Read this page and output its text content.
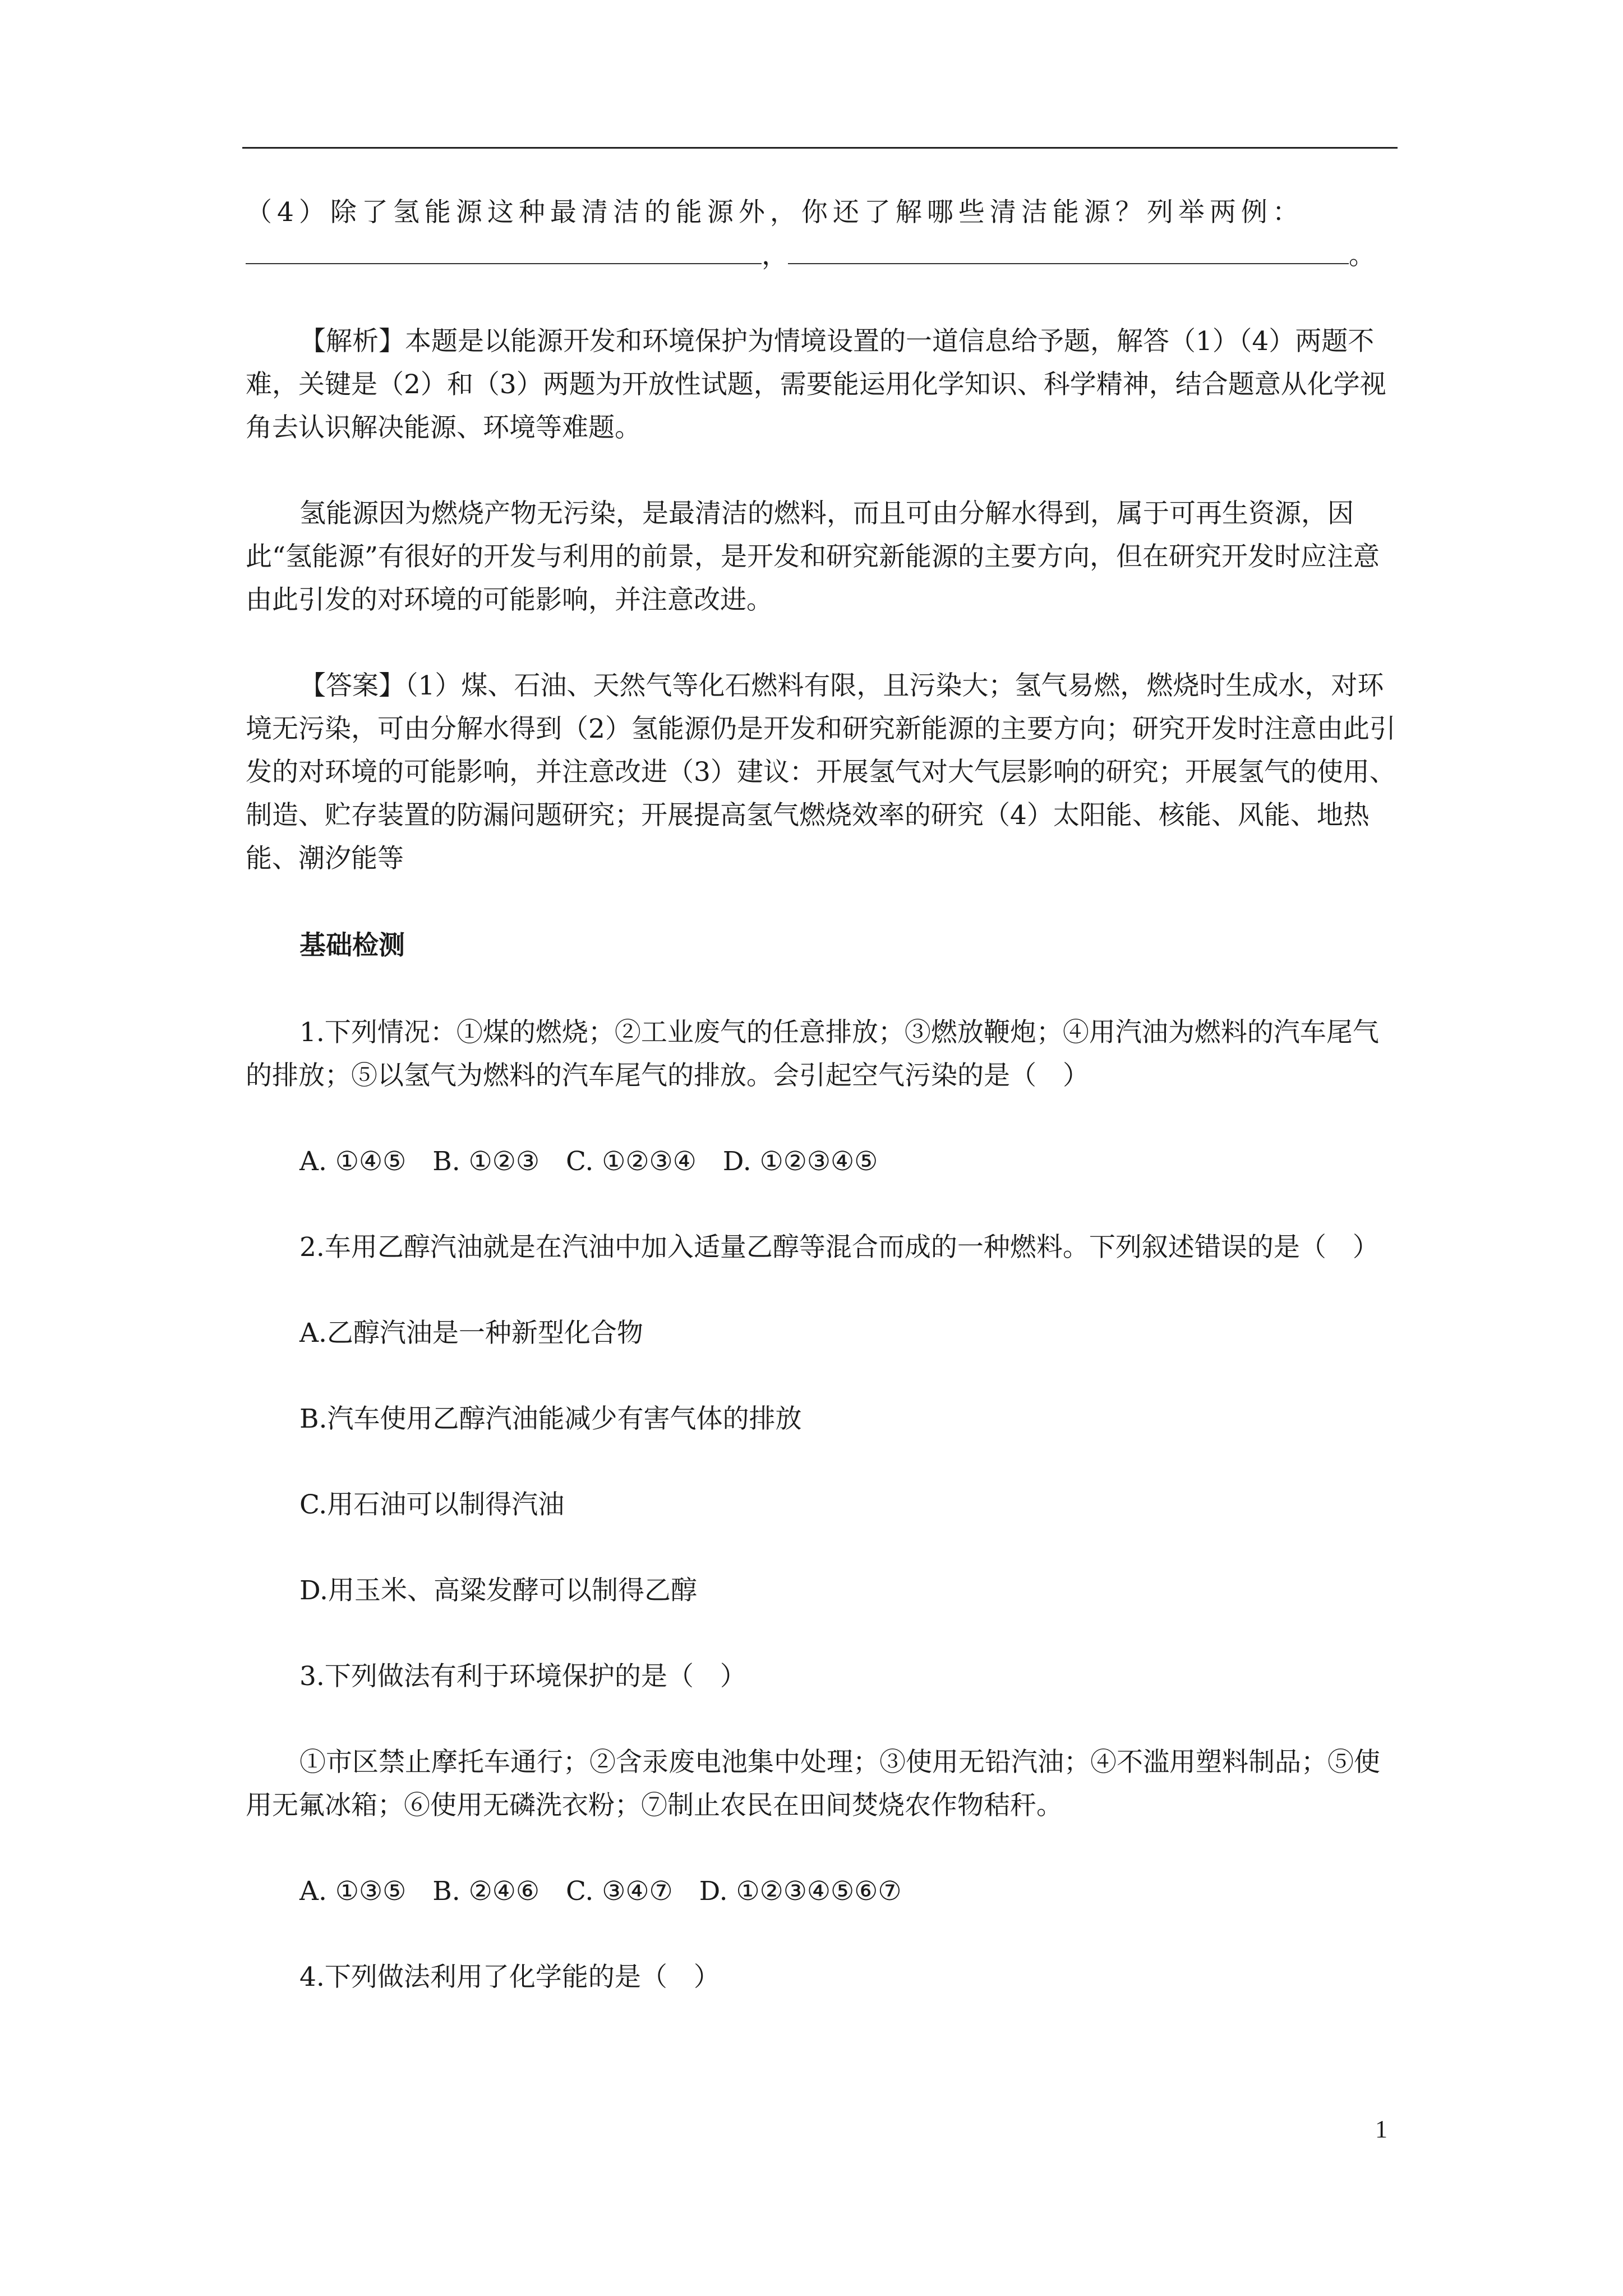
（4）除了氢能源这种最清洁的能源外，你还了解哪些清洁能源？列举两例：

，	。

【解析】本题是以能源开发和环境保护为情境设置的一道信息给予题，解答（1）（4）两题不难，关键是（2）和（3）两题为开放性试题，需要能运用化学知识、科学精神，结合题意从化学视角去认识解决能源、环境等难题。

氢能源因为燃烧产物无污染，是最清洁的燃料，而且可由分解水得到，属于可再生资源，因此“氢能源”有很好的开发与利用的前景，是开发和研究新能源的主要方向，但在研究开发时应注意由此引发的对环境的可能影响，并注意改进。

【答案】（1）煤、石油、天然气等化石燃料有限，且污染大；氢气易燃，燃烧时生成水，对环境无污染，可由分解水得到（2）氢能源仍是开发和研究新能源的主要方向；研究开发时注意由此引发的对环境的可能影响，并注意改进（3）建议：开展氢气对大气层影响的研究；开展氢气的使用、制造、贮存装置的防漏问题研究；开展提高氢气燃烧效率的研究（4）太阳能、核能、风能、地热能、潮汐能等

基础检测

1.下列情况：①煤的燃烧；②工业废气的任意排放；③燃放鞭炮；④用汽油为燃料的汽车尾气的排放；⑤以氢气为燃料的汽车尾气的排放。会引起空气污染的是（　）

A. ①④⑤　B. ①②③　C. ①②③④　D. ①②③④⑤

2.车用乙醇汽油就是在汽油中加入适量乙醇等混合而成的一种燃料。下列叙述错误的是（　）

A.乙醇汽油是一种新型化合物

B.汽车使用乙醇汽油能减少有害气体的排放

C.用石油可以制得汽油

D.用玉米、高粱发酵可以制得乙醇

3.下列做法有利于环境保护的是（　）

①市区禁止摩托车通行；②含汞废电池集中处理；③使用无铅汽油；④不滥用塑料制品；⑤使用无氟冰箱；⑥使用无磷洗衣粉；⑦制止农民在田间焚烧农作物秸秆。

A. ①③⑤　B. ②④⑥　C. ③④⑦　D. ①②③④⑤⑥⑦

4.下列做法利用了化学能的是（　）

1
